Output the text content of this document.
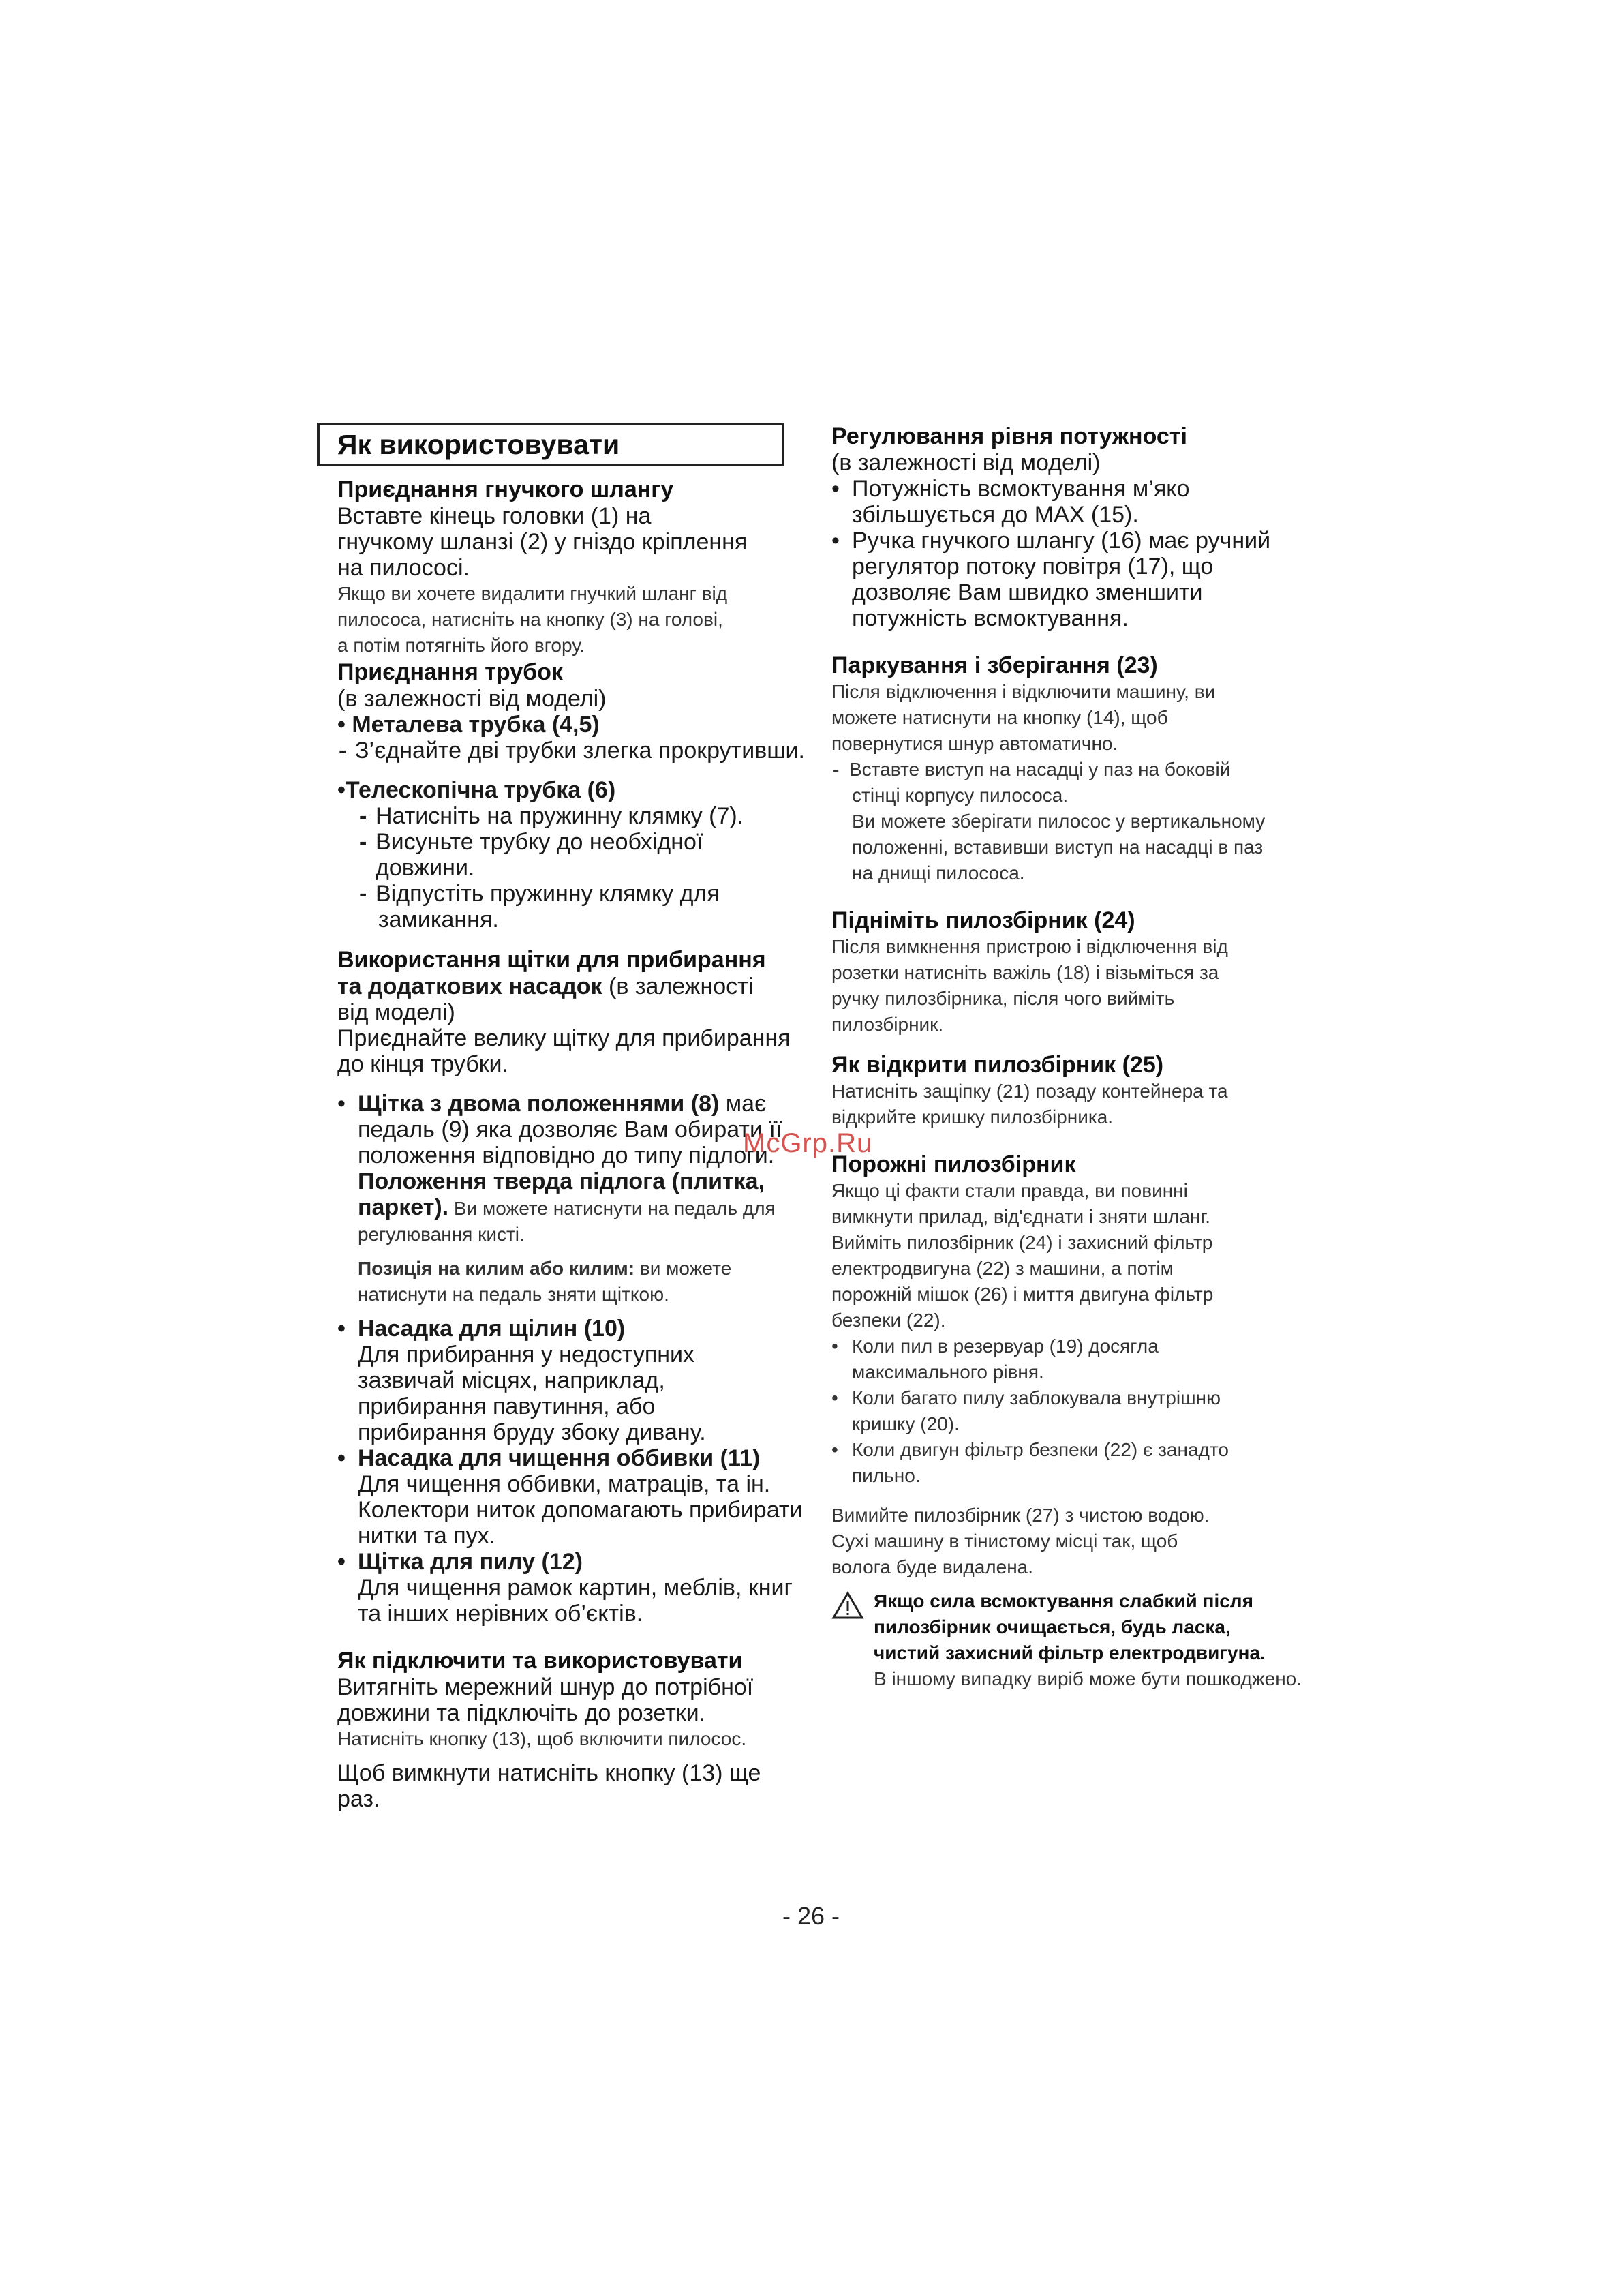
Як використовувати
Приєднання гнучкого шлангу
Вставте кінець головки (1) на
гнучкому шланзі (2) у гніздо кріплення
на пилососі.
Якщо ви хочете видалити гнучкий шланг від
пилососа, натисніть на кнопку (3) на голові,
а потім потягніть його вгору.
Приєднання трубок
(в залежності від моделі)
• Металева трубка (4,5)
- З’єднайте дві трубки злегка прокрутивши.
•Телескопічна трубка (6)
- Натисніть на пружинну клямку (7).
- Висуньте трубку до необхідної довжини.
- Відпустіть пружинну клямку для
замикання.
Використання щітки для прибирання
та додаткових насадок (в залежності
від моделі)
Приєднайте велику щітку для прибирання
до кінця трубки.
• Щітка з двома положеннями (8) має
педаль (9) яка дозволяє Вам обирати її
положення відповідно до типу підлоги.
Положення тверда підлога (плитка,
паркет). Ви можете натиснути на педаль для
регулювання кисті.
Позиція на килим або килим: ви можете
натиснути на педаль зняти щіткою.
• Насадка для щілин (10)
Для прибирання у недоступних
зазвичай місцях, наприклад,
прибирання павутиння, або
прибирання бруду збоку дивану.
• Насадка для чищення оббивки (11)
Для чищення оббивки, матраців, та ін.
Колектори ниток допомагають прибирати
нитки та пух.
• Щітка для пилу (12)
Для чищення рамок картин, меблів, книг
та інших нерівних об’єктів.
Як підключити та використовувати
Витягніть мережний шнур до потрібної
довжини та підключіть до розетки.
Натисніть кнопку (13), щоб включити пилосос.
Щоб вимкнути натисніть кнопку (13) ще
раз.
Регулювання рівня потужності
(в залежності від моделі)
• Потужність всмоктування м’яко
збільшується до MAX (15).
• Ручка гнучкого шлангу (16) має ручний
регулятор потоку повітря (17), що
дозволяє Вам швидко зменшити
потужність всмоктування.
Паркування і зберігання (23)
Після відключення і відключити машину, ви
можете натиснути на кнопку (14), щоб
повернутися шнур автоматично.
- Вставте виступ на насадці у паз на боковій
стінці корпусу пилососа.
Ви можете зберігати пилосос у вертикальному
положенні, вставивши виступ на насадці в паз
на днищі пилососа.
Підніміть пилозбірник (24)
Після вимкнення пристрою і відключення від
розетки натисніть важіль (18) і візьміться за
ручку пилозбірника, після чого вийміть
пилозбірник.
Як відкрити пилозбірник (25)
Натисніть защіпку (21) позаду контейнера та
відкрийте кришку пилозбірника.
Порожні пилозбірник
Якщо ці факти стали правда, ви повинні
вимкнути прилад, від'єднати і зняти шланг.
Вийміть пилозбірник (24) і захисний фільтр
електродвигуна (22) з машини, а потім
порожній мішок (26) і миття двигуна фільтр
безпеки (22).
• Коли пил в резервуар (19) досягла
максимального рівня.
• Коли багато пилу заблокувала внутрішню
кришку (20).
• Коли двигун фільтр безпеки (22) є занадто
пильно.
Вимийте пилозбірник (27) з чистою водою.
Сухі машину в тінистому місці так, щоб
волога буде видалена.
Якщо сила всмоктування слабкий після
пилозбірник очищається, будь ласка,
чистий захисний фільтр електродвигуна.
В іншому випадку виріб може бути пошкоджено.
McGrp.Ru
- 26 -
